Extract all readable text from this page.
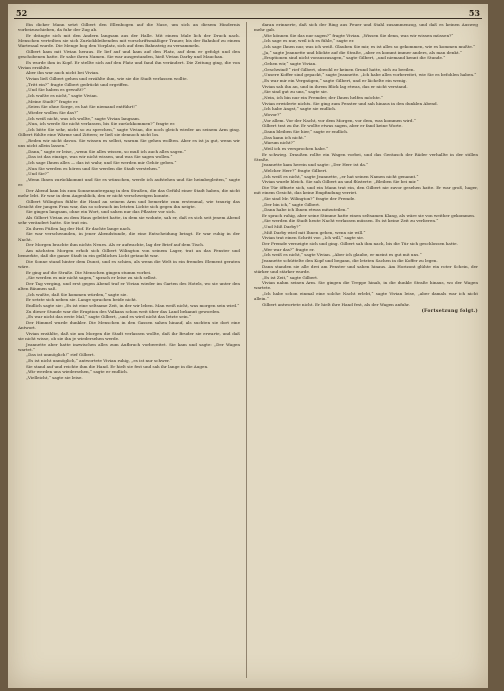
52	53

Ein dicker Mann setzt Gilbert den Ellenbogen auf die Nase, um sich an diesem Hindernis vorbeizuschieben, da fuhr der Zug ab.

Er drängte sich mit den Andern langsam aus der Halle. Mit einem Male lich der Druck nach. Menschen verteilten sie sich Zurückbleibenden mit vorschriftsmäßiger Trauer, bis der Bahnhof zu einem Wartesaal wurde. Die Menge bog den Vorplatz, sich auf dem Bahnsteig zu versammeln.

Gilbert kam mit Vivian heraus. Er lief auf und kam auf den Platz, auf dem er gefolgt und den geschobenen hatte. Er sahe ihren Namen. Sie war ausgestanden, hieß Vivian Darby und Mauchan.

Es wurde ihm in Kopf. Er stellte sich auf den Platz und fand ihn verändert. Die Zeitung ging, die von Vivian erzählte.

Aber ihn war auch nicht bei Vivian.

Vivian ließ Gilbert gehen und erzählte ihm, wie sie die Stadt verlassen wollte.

„Tritt ein?“ fragte Gilbert gedrückt und ergriffen.

„Und Sie haben es gewußt?“

„Ich wußte es nicht,“ sagte Vivian.

„Meine Stadt?“ fragte er.

„Seien Sie ohne Sorge, es hat Sie niemand entführt!“

„Wieder wollen Sie das?“

„Ich weiß nicht, was ich wollte,“ sagte Vivian langsam.

„Nun, ich werde Sie nicht verlassen, bis Sie zurückkommen?“ fragte er.

„Ich bitte Sie sehr, nicht so zu sprechen,“ sagte Vivian, die noch gleich wieder an seinem Arm ging. Gilbert fühlte eine Wärme und Zittern; er ließ sie dennoch nicht los.

„Reden wir nicht davon. Sie wissen es selbst, warum Sie gehen wollten. Aber es ist ja gut, wenn wir uns nicht allein lassen.“

„Dann,“ sagte er leise, „wenn Sie alles wissen, so muß ich auch alles sagen.“

„Das ist das einzige, was wir nicht wissen, und was Sie sagen wollen.“

„Ich sage Ihnen alles — das ist wahr, und Sie werden mir Gehör geben.“

„Nun Sie werden es hören und Sie werden die Stadt verstehen.“

„Und Sie?“

„Wenn Ihnen zurückkommt und Sie es wünschen, werde ich aufstehen und Sie heimbegleiten,“ sagte er.

Der Abend kam bis zum Sonnenuntergang in den Straßen, die das Gefühl einer Stadt haben, die nicht mehr lebt. Er war in dem Augenblick, den er nicht verschweigen konnte.

Gilbert Wilington fühlte die Hand an seinem Arm und bemerkte zum erstenmal, wie traurig das Gesicht der jungen Frau war, das so schwach im letzten Lichte sich gegen ihn neigte.

Sie gingen langsam, ohne ein Wort, und sahen nur das Pflaster vor sich.

Als Gilbert Vivian zu dem Haus geleitet hatte, in dem sie wohnte, sah er, daß es sich seit jenem Abend sehr verändert hatte. Sie trat ein.

Zu ihren Füßen lag der Hof. Er dachte lange nach.

Sie war verschwunden, in jener Abendstunde, die eine Entscheidung bringt. Er war ruhig in der Nacht.

Der Morgen brachte ihm nichts Neues. Als er aufwachte, lag der Brief auf dem Tisch.

Am nächsten Morgen erhob sich Gilbert Wilington von seinem Lager, trat an das Fenster und bemerkte, daß die ganze Stadt in ein gelbliches Licht getaucht war.

Die Sonne stand hinter dem Dunst, und es schien, als wenn die Welt in ein fremdes Element geraten wäre.

Er ging auf die Straße. Die Menschen gingen stumm vorbei.

„Sie werden es mir nicht sagen,“ sprach er leise zu sich selbst.

Der Tag verging, und erst gegen Abend traf er Vivian wieder im Garten des Hotels, wo sie unter den alten Bäumen saß.

„Ich wußte, daß Sie kommen würden,“ sagte sie.

Er setzte sich neben sie. Lange sprachen beide nicht.

Endlich sagte sie: „Es ist eine seltsame Zeit, in der wir leben. Man weiß nicht, was morgen sein wird.“

Zu dieser Stunde war die Eruption des Vulkans schon weit über das Land bekannt geworden.

„Es war nicht das erste Mal,“ sagte Gilbert, „und es wird nicht das letzte sein.“

Der Himmel wurde dunkler. Die Menschen in den Gassen sahen hinauf, als suchten sie dort eine Antwort.

Vivian erzählte, daß sie am Morgen die Stadt verlassen wollte, daß ihr Bruder sie erwarte, und daß sie nicht wisse, ob sie ihn je wiedersehen werde.

Jeannette aber hatte inzwischen alles zum Aufbruch vorbereitet. Sie kam und sagte: „Der Wagen wartet.“

„Das ist unmöglich!“ rief Gilbert.

„Es ist nicht unmöglich,“ antwortete Vivian ruhig, „es ist nur schwer.“

Sie stand auf und reichte ihm die Hand. Er hielt sie fest und sah ihr lange in die Augen.

„Wir werden uns wiedersehen,“ sagte er endlich.

„Vielleicht,“ sagte sie leise.

daran erinnerte, daß sich der Ring aus Feuer und Stahl zusammenzog, und daß es keinen Ausweg mehr gab.

„Wie können Sie das nur sagen?“ fragte Vivian. „Wissen Sie denn, was wir wissen müssen?“

„Ich sage es nur, weil ich es fühle,“ sagte er.

„Ich sage Ihnen nur, was ich weiß. Glauben Sie mir, es ist alles so gekommen, wie es kommen mußte.“

„Ja,“ sagte Jeannette und blickte auf die Straße, „aber es kommt immer anders, als man denkt.“

„Eruptionen sind nicht vorauszusagen,“ sagte Gilbert, „und niemand kennt die Stunde.“

„Gehen wir,“ sagte Vivian.

„Geschwind!“ rief Gilbert, obwohl er keinen Grund hatte, sich zu beeilen.

„Unsere Koffer sind gepackt,“ sagte Jeannette. „Ich habe alles vorbereitet, wie Sie es befohlen haben.“

„Es war mir ein Vergnügen,“ sagte Gilbert, und er lächelte ein wenig.

Vivian sah ihn an, und in ihrem Blick lag etwas, das er nicht verstand.

„Sie sind gut zu uns,“ sagte sie.

„Nein, ich bin nur ein Fremder, der Ihnen helfen möchte.“

Vivian erwiderte nichts. Sie ging zum Fenster und sah hinaus in den dunklen Abend.

„Ich habe Angst,“ sagte sie endlich.

„Wovor?“

„Vor allem. Vor der Nacht, vor dem Morgen, vor dem, was kommen wird.“

Gilbert trat zu ihr. Er wollte etwas sagen, aber er fand keine Worte.

„Dann bleiben Sie hier,“ sagte er endlich.

„Das kann ich nicht.“

„Warum nicht?“

„Weil ich es versprochen habe.“

Er schwieg. Draußen rollte ein Wagen vorbei, und das Geräusch der Räder verhallte in der stillen Straße.

Jeannette kam herein und sagte: „Der Herr ist da.“

„Welcher Herr?“ fragte Gilbert.

„Ich weiß es nicht,“ sagte Jeannette, „er hat seinen Namen nicht genannt.“

Vivian wurde bleich. Sie sah Gilbert an und flüsterte: „Bleiben Sie bei mir.“

Die Tür öffnete sich, und ein Mann trat ein, den Gilbert nie zuvor gesehen hatte. Er war groß, hager, mit einem Gesicht, das keine Empfindung verriet.

„Sie sind Mr. Wilington?“ fragte der Fremde.

„Der bin ich,“ sagte Gilbert.

„Dann habe ich Ihnen etwas mitzuteilen.“

Er sprach ruhig, aber seine Stimme hatte einen seltsamen Klang, als wäre sie von weither gekommen.

„Sie werden die Stadt heute Nacht verlassen müssen. Es ist keine Zeit zu verlieren.“

„Und Miß Darby?“

„Miß Darby wird mit Ihnen gehen, wenn sie will.“

Vivian trat einen Schritt vor. „Ich will,“ sagte sie.

Der Fremde verneigte sich und ging. Gilbert sah ihm nach, bis die Tür sich geschlossen hatte.

„Wer war das?“ fragte er.

„Ich weiß es nicht,“ sagte Vivian. „Aber ich glaube, er meint es gut mit uns.“

Jeannette schüttelte den Kopf und begann, die letzten Sachen in die Koffer zu legen.

Dann standen sie alle drei am Fenster und sahen hinaus. Am Horizont glühte ein roter Schein, der stärker und stärker wurde.

„Es ist Zeit,“ sagte Gilbert.

Vivian nahm seinen Arm. Sie gingen die Treppe hinab, in die dunkle Straße hinaus, wo der Wagen wartete.

„Ich habe schon einmal eine solche Nacht erlebt,“ sagte Vivian leise, „aber damals war ich nicht allein.“

Gilbert antwortete nicht. Er hielt ihre Hand fest, als der Wagen anfuhr.

(Fortsetzung folgt.)
